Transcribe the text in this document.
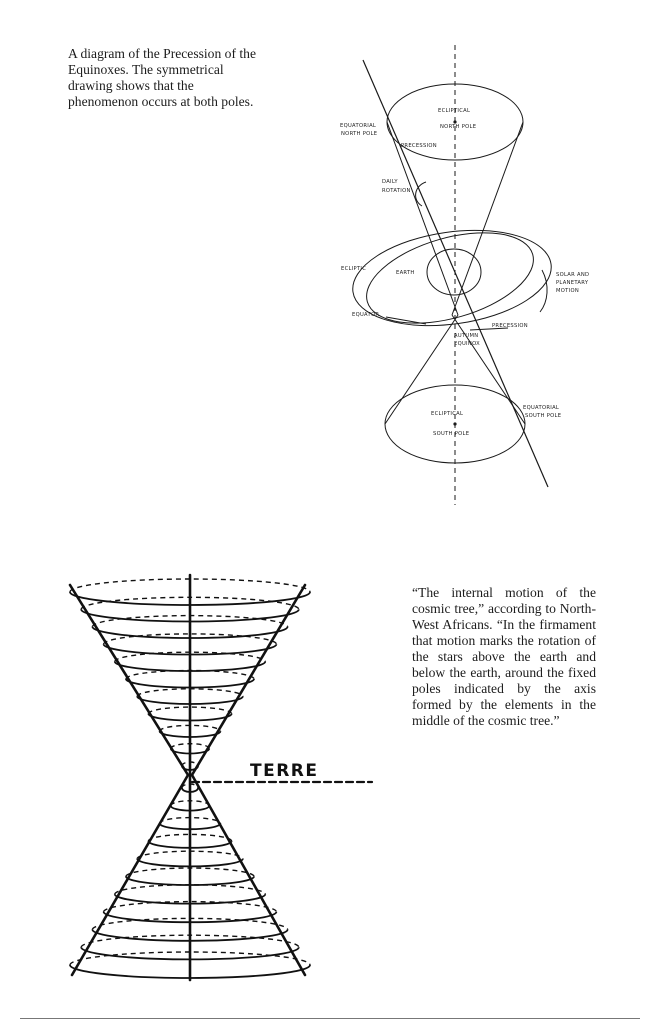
A diagram of the Precession of the Equinoxes. The symmetrical drawing shows that the phenomenon occurs at both poles.

ECLIPTICAL
NORTH POLE
EQUATORIAL
NORTH POLE
PRECESSION
DAILY
ROTATION
ECLIPTIC
EARTH	SOLAR AND
PLANETARY
MOTION
EQUATOR
AUTUMN
EQUINOX
PRECESSION
ECLIPTICAL
SOUTH POLE
EQUATORIAL
SOUTH POLE

“The internal motion of the cosmic tree,” according to North-West Africans. “In the firmament that motion marks the rotation of the stars above the earth and below the earth, around the fixed poles indicated by the axis formed by the elements in the middle of the cosmic tree.”

TERRE
